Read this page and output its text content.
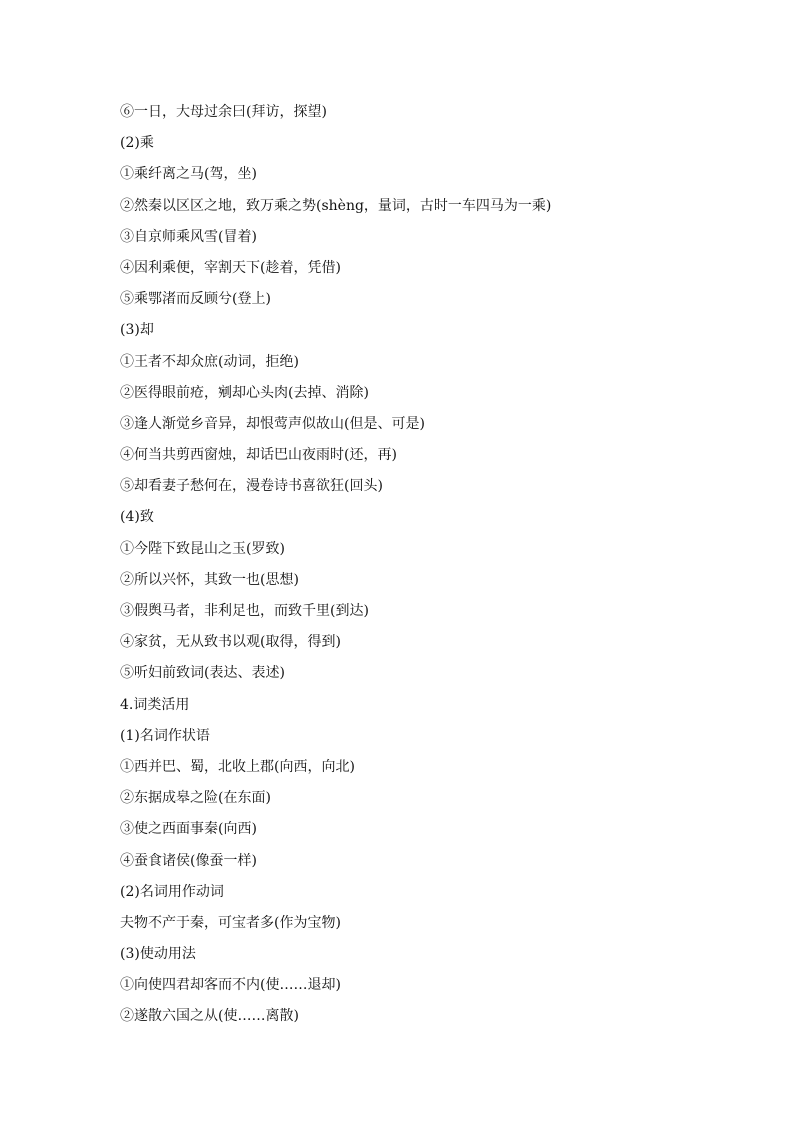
⑥一日，大母过余曰(拜访，探望)
(2)乘
①乘纤离之马(驾，坐)
②然秦以区区之地，致万乘之势(shèng，量词，古时一车四马为一乘)
③自京师乘风雪(冒着)
④因利乘便，宰割天下(趁着，凭借)
⑤乘鄂渚而反顾兮(登上)
(3)却
①王者不却众庶(动词，拒绝)
②医得眼前疮，剜却心头肉(去掉、消除)
③逢人渐觉乡音异，却恨莺声似故山(但是、可是)
④何当共剪西窗烛，却话巴山夜雨时(还，再)
⑤却看妻子愁何在，漫卷诗书喜欲狂(回头)
(4)致
①今陛下致昆山之玉(罗致)
②所以兴怀，其致一也(思想)
③假舆马者，非利足也，而致千里(到达)
④家贫，无从致书以观(取得，得到)
⑤听妇前致词(表达、表述)
4.词类活用
(1)名词作状语
①西并巴、蜀，北收上郡(向西，向北)
②东据成皋之险(在东面)
③使之西面事秦(向西)
④蚕食诸侯(像蚕一样)
(2)名词用作动词
夫物不产于秦，可宝者多(作为宝物)
(3)使动用法
①向使四君却客而不内(使……退却)
②遂散六国之从(使……离散)
